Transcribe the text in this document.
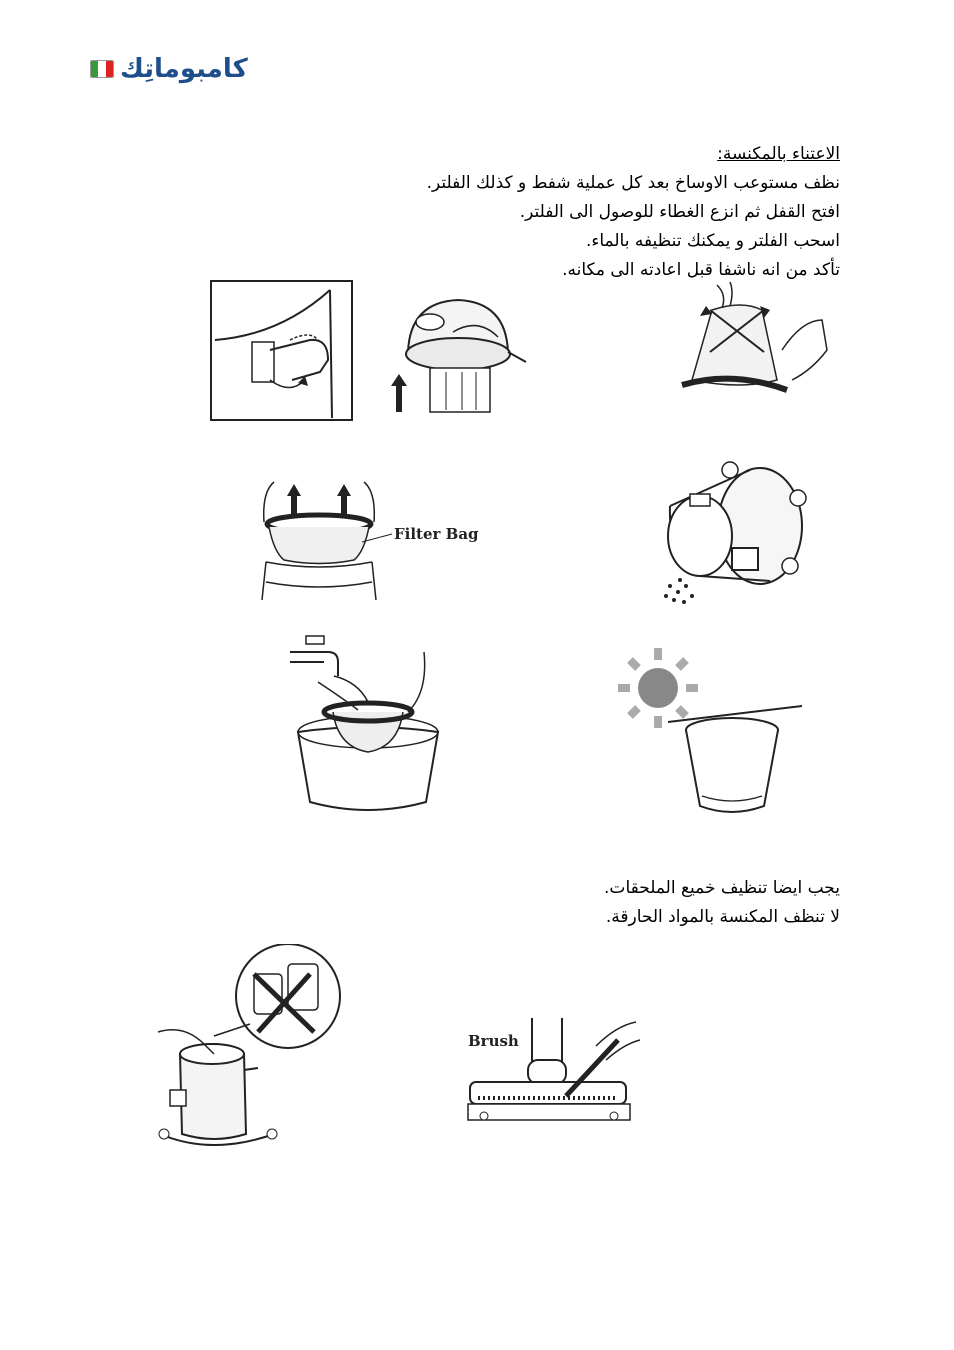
كامبوماتِك
الاعتناء بالمكنسة:
نظف مستوعب الاوساخ بعد كل عملية شفط و كذلك الفلتر.
افتح القفل ثم انزع الغطاء للوصول الى الفلتر.
اسحب الفلتر و يمكنك تنظيفه بالماء.
تأكد من انه ناشفا قبل اعادته الى مكانه.
Filter Bag
يجب ايضا تنظيف خميع الملحقات.
لا تنظف المكنسة بالمواد الحارقة.
Brush
